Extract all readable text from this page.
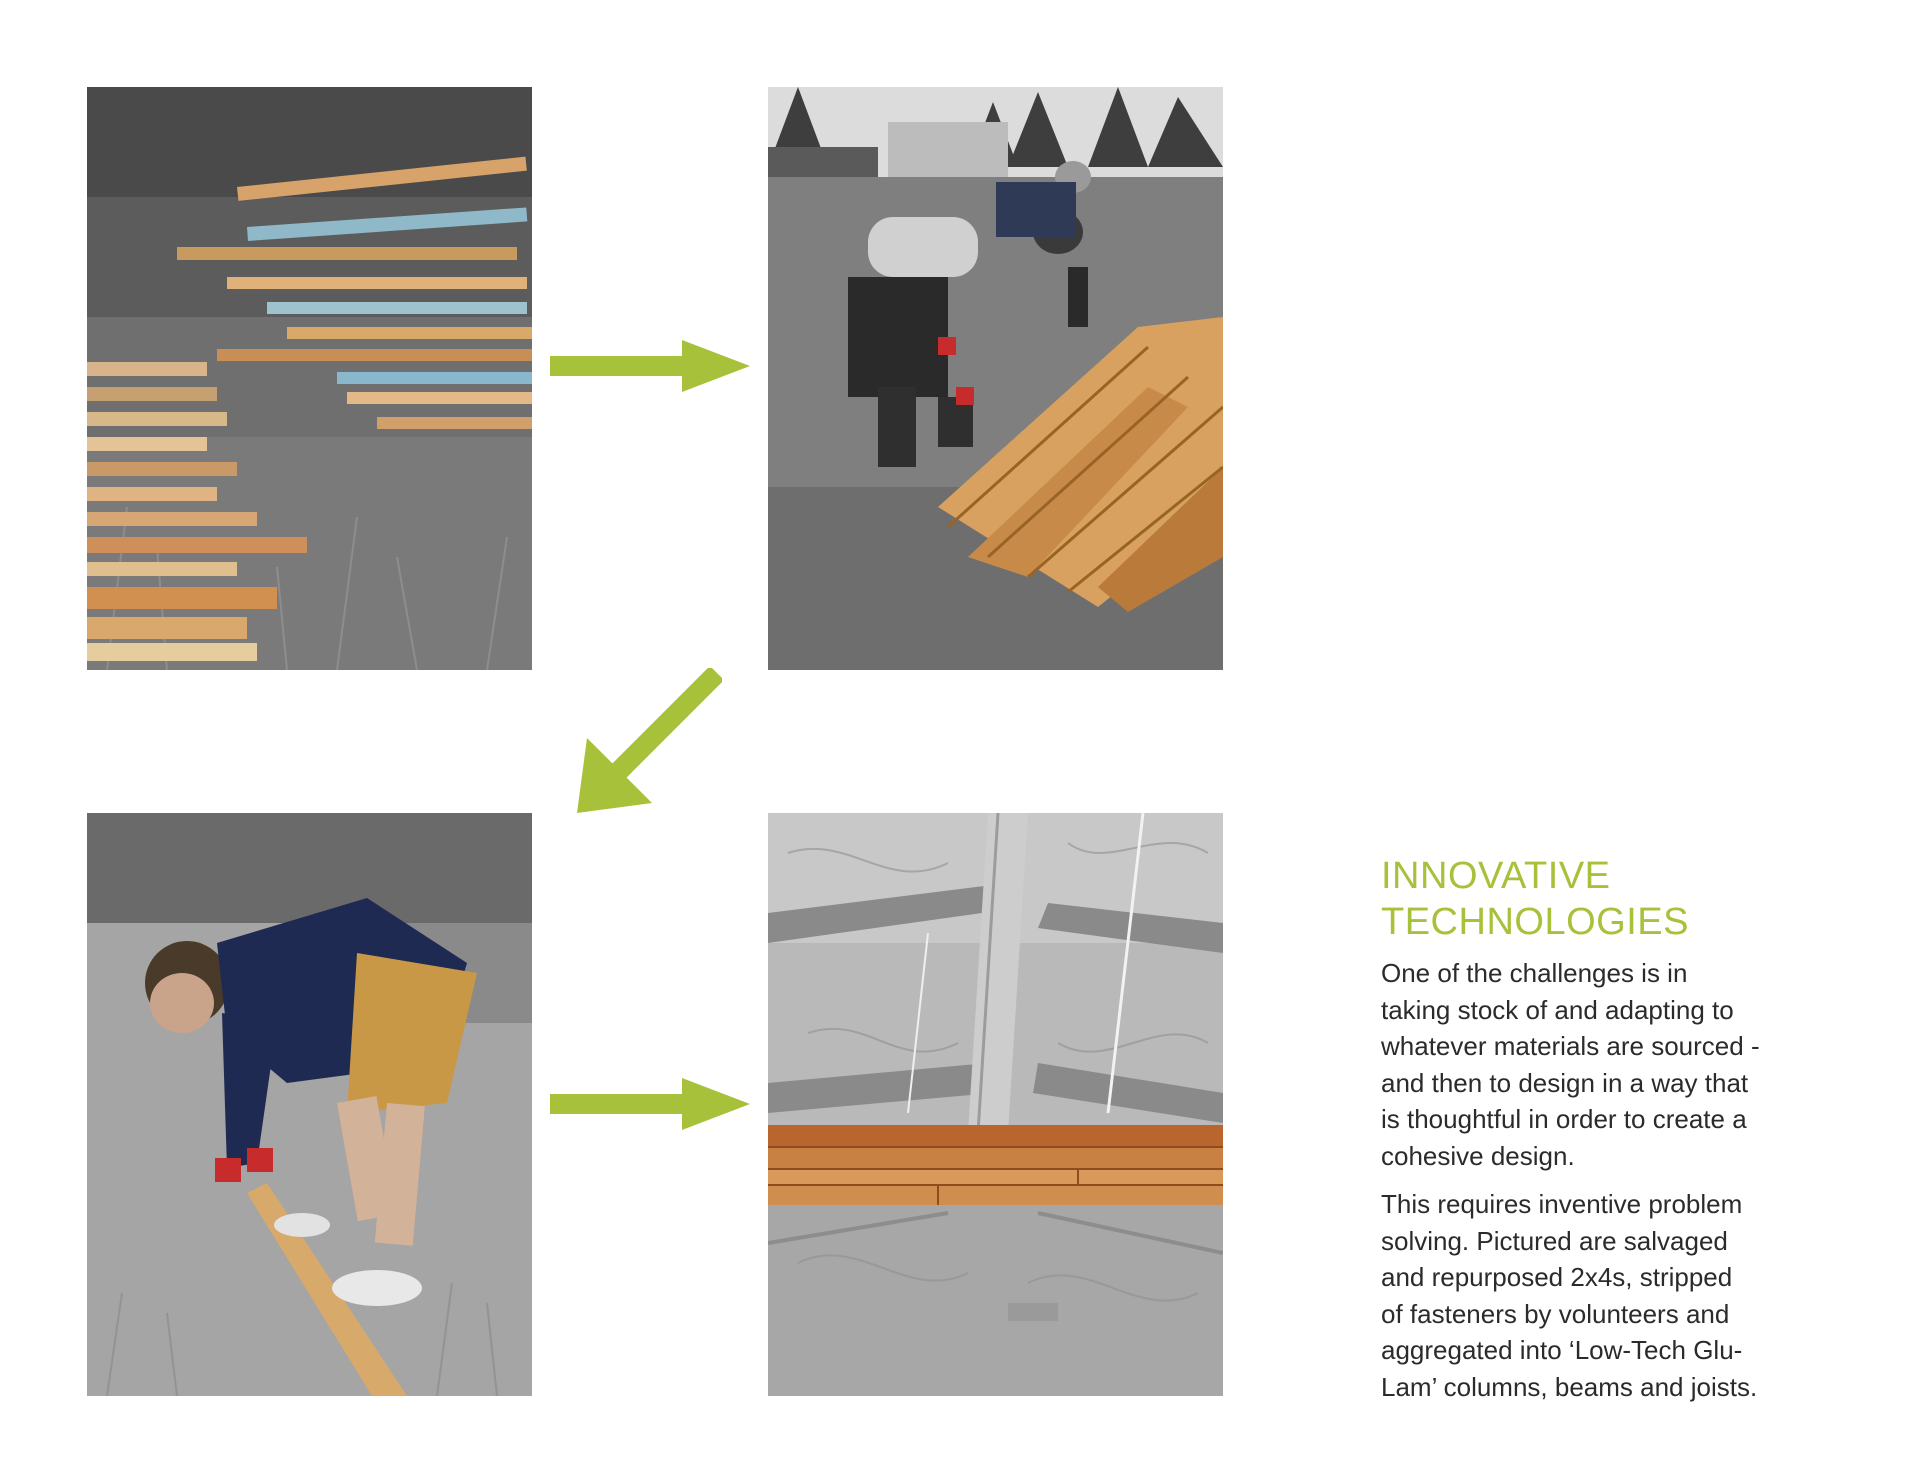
INNOVATIVE
TECHNOLOGIES

One of the challenges is in
taking stock of and adapting to
whatever materials are sourced -
and then to design in a way that
is thoughtful in order to create a
cohesive design.

This requires inventive problem
solving. Pictured are salvaged
and repurposed 2x4s, stripped
of fasteners by volunteers and
aggregated into ‘Low-Tech Glu-
Lam’ columns, beams and joists.
